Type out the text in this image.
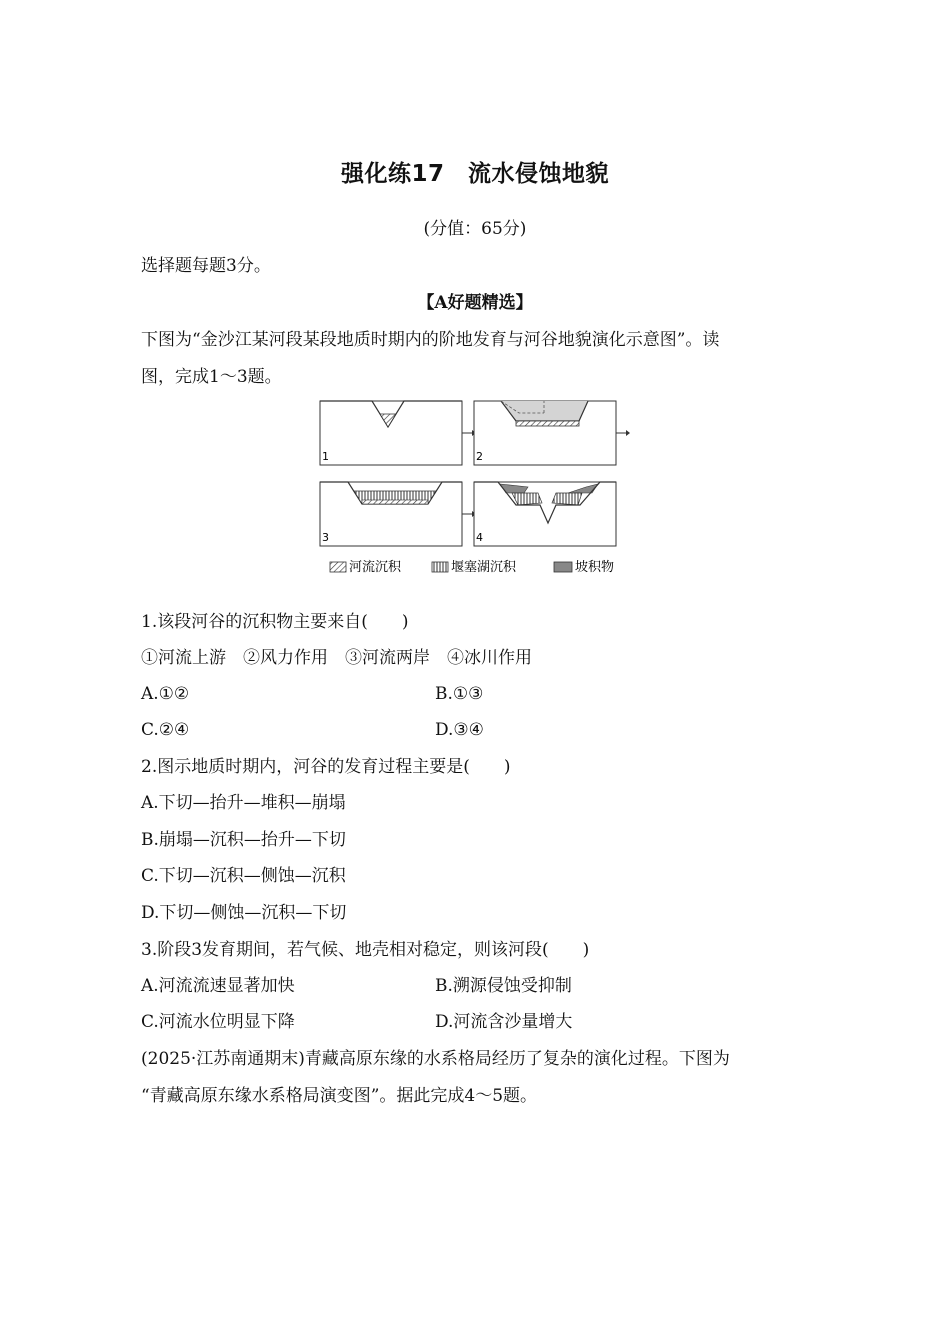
强化练17　流水侵蚀地貌
(分值：65分)
选择题每题3分。
【A好题精选】
下图为“金沙江某河段某段地质时期内的阶地发育与河谷地貌演化示意图”。读
图，完成1～3题。
1	2
3	4
河流沉积	堰塞湖沉积	坡积物
1.该段河谷的沉积物主要来自(　　)
①河流上游　②风力作用　③河流两岸　④冰川作用
A.①②	B.①③
C.②④	D.③④
2.图示地质时期内，河谷的发育过程主要是(　　)
A.下切—抬升—堆积—崩塌
B.崩塌—沉积—抬升—下切
C.下切—沉积—侧蚀—沉积
D.下切—侧蚀—沉积—下切
3.阶段3发育期间，若气候、地壳相对稳定，则该河段(　　)
A.河流流速显著加快	B.溯源侵蚀受抑制
C.河流水位明显下降	D.河流含沙量增大
(2025·江苏南通期末)青藏高原东缘的水系格局经历了复杂的演化过程。下图为
“青藏高原东缘水系格局演变图”。据此完成4～5题。
